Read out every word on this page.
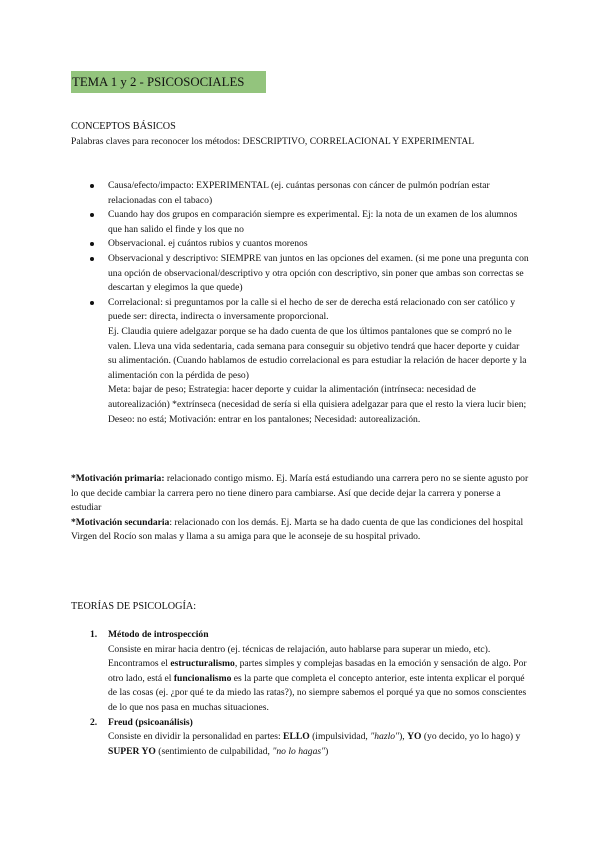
TEMA 1 y 2 - PSICOSOCIALES
CONCEPTOS BÁSICOS
Palabras claves para reconocer los métodos: DESCRIPTIVO, CORRELACIONAL Y EXPERIMENTAL
Causa/efecto/impacto: EXPERIMENTAL (ej. cuántas personas con cáncer de pulmón podrían estar relacionadas con el tabaco)
Cuando hay dos grupos en comparación siempre es experimental. Ej: la nota de un examen de los alumnos que han salido el finde y los que no
Observacional. ej cuántos rubios y cuantos morenos
Observacional y descriptivo: SIEMPRE van juntos en las opciones del examen. (si me pone una pregunta con una opción de observacional/descriptivo y otra opción con descriptivo, sin poner que ambas son correctas se descartan y elegimos la que quede)
Correlacional: si preguntamos por la calle si el hecho de ser de derecha está relacionado con ser católico y puede ser: directa, indirecta o inversamente proporcional.
Ej. Claudia quiere adelgazar porque se ha dado cuenta de que los últimos pantalones que se compró no le valen. Lleva una vida sedentaria, cada semana para conseguir su objetivo tendrá que hacer deporte y cuidar su alimentación. (Cuando hablamos de estudio correlacional es para estudiar la relación de hacer deporte y la alimentación con la pérdida de peso)
Meta: bajar de peso; Estrategia: hacer deporte y cuidar la alimentación (intrínseca: necesidad de autorealización) *extrínseca (necesidad de sería si ella quisiera adelgazar para que el resto la viera lucir bien; Deseo: no está; Motivación: entrar en los pantalones; Necesidad: autorealización.
*Motivación primaria: relacionado contigo mismo. Ej. María está estudiando una carrera pero no se siente agusto por lo que decide cambiar la carrera pero no tiene dinero para cambiarse. Así que decide dejar la carrera y ponerse a estudiar
*Motivación secundaria: relacionado con los demás. Ej. Marta se ha dado cuenta de que las condiciones del hospital Virgen del Rocío son malas y llama a su amiga para que le aconseje de su hospital privado.
TEORÍAS DE PSICOLOGÍA:
1. Método de introspección
Consiste en mirar hacia dentro (ej. técnicas de relajación, auto hablarse para superar un miedo, etc). Encontramos el estructuralismo, partes simples y complejas basadas en la emoción y sensación de algo. Por otro lado, está el funcionalismo es la parte que completa el concepto anterior, este intenta explicar el porqué de las cosas (ej. ¿por qué te da miedo las ratas?), no siempre sabemos el porqué ya que no somos conscientes de lo que nos pasa en muchas situaciones.
2. Freud (psicoanálisis)
Consiste en dividir la personalidad en partes: ELLO (impulsividad, "hazlo"), YO (yo decido, yo lo hago) y SUPER YO (sentimiento de culpabilidad, "no lo hagas")
